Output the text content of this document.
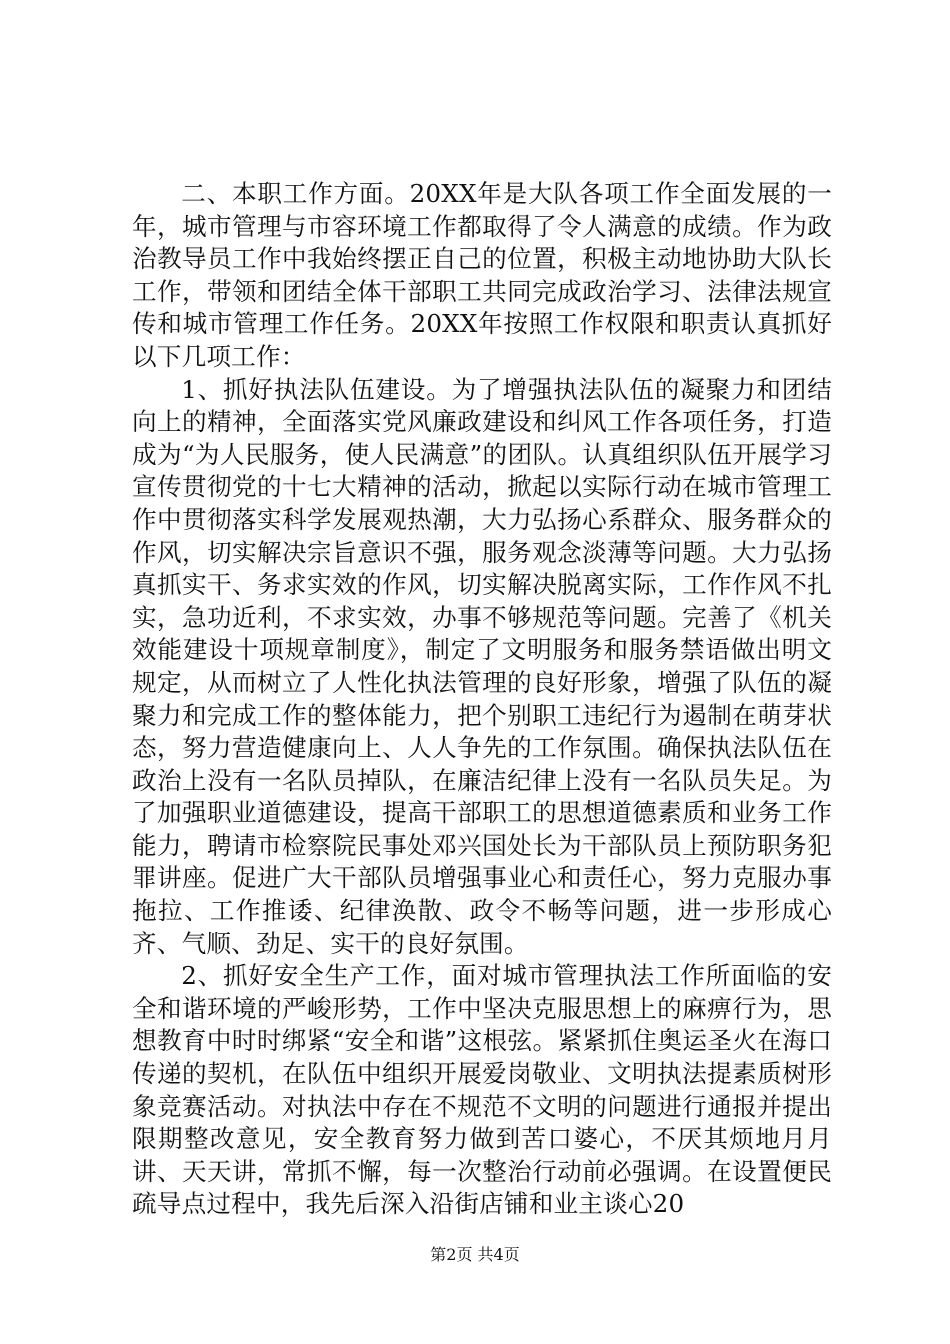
二、本职工作方面。20XX年是大队各项工作全面发展的一年，城市管理与市容环境工作都取得了令人满意的成绩。作为政治教导员工作中我始终摆正自己的位置，积极主动地协助大队长工作，带领和团结全体干部职工共同完成政治学习、法律法规宣传和城市管理工作任务。20XX年按照工作权限和职责认真抓好以下几项工作：

1、抓好执法队伍建设。为了增强执法队伍的凝聚力和团结向上的精神，全面落实党风廉政建设和纠风工作各项任务，打造成为“为人民服务，使人民满意”的团队。认真组织队伍开展学习宣传贯彻党的十七大精神的活动，掀起以实际行动在城市管理工作中贯彻落实科学发展观热潮，大力弘扬心系群众、服务群众的作风，切实解决宗旨意识不强，服务观念淡薄等问题。大力弘扬真抓实干、务求实效的作风，切实解决脱离实际，工作作风不扎实，急功近利，不求实效，办事不够规范等问题。完善了《机关效能建设十项规章制度》，制定了文明服务和服务禁语做出明文规定，从而树立了人性化执法管理的良好形象，增强了队伍的凝聚力和完成工作的整体能力，把个别职工违纪行为遏制在萌芽状态，努力营造健康向上、人人争先的工作氛围。确保执法队伍在政治上没有一名队员掉队，在廉洁纪律上没有一名队员失足。为了加强职业道德建设，提高干部职工的思想道德素质和业务工作能力，聘请市检察院民事处邓兴国处长为干部队员上预防职务犯罪讲座。促进广大干部队员增强事业心和责任心，努力克服办事拖拉、工作推诿、纪律涣散、政令不畅等问题，进一步形成心齐、气顺、劲足、实干的良好氛围。

2、抓好安全生产工作，面对城市管理执法工作所面临的安全和谐环境的严峻形势，工作中坚决克服思想上的麻痹行为，思想教育中时时绑紧“安全和谐”这根弦。紧紧抓住奥运圣火在海口传递的契机，在队伍中组织开展爱岗敬业、文明执法提素质树形象竞赛活动。对执法中存在不规范不文明的问题进行通报并提出限期整改意见，安全教育努力做到苦口婆心，不厌其烦地月月讲、天天讲，常抓不懈，每一次整治行动前必强调。在设置便民疏导点过程中，我先后深入沿街店铺和业主谈心20

第2页 共4页
